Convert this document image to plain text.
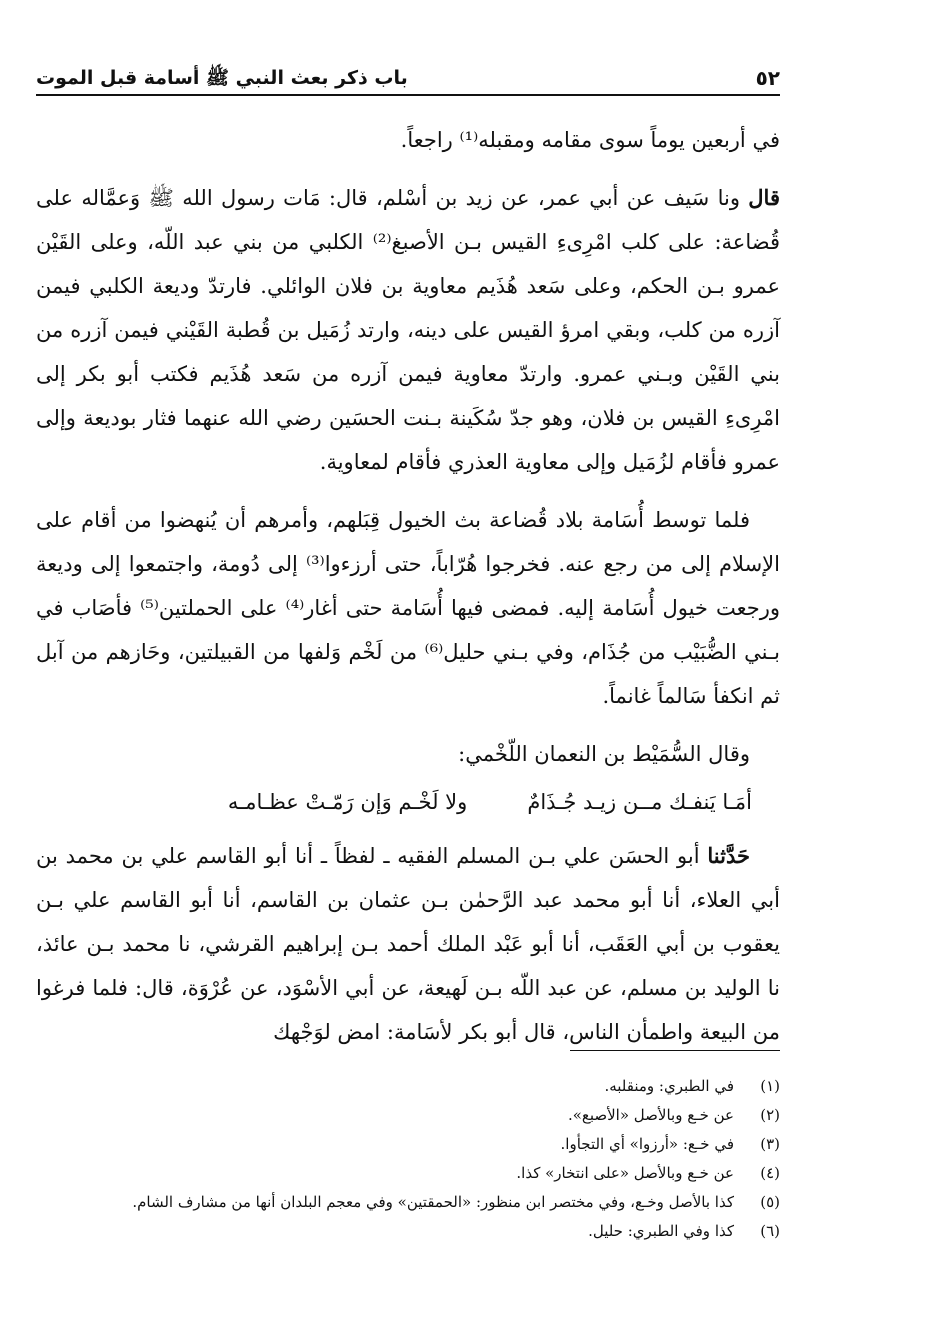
٥٢
باب ذكر بعث النبي ﷺ أسامة قبل الموت

في أربعين يوماً سوى مقامه ومقبله⁽¹⁾ راجعاً.

قال ونا سَيف عن أبي عمر، عن زيد بن أسْلم، قال: مَات رسول الله ﷺ وَعمَّاله على قُضاعة: على كلب امْرِىءِ القيس بـن الأصبغ⁽²⁾ الكلبي من بني عبد اللّه، وعلى القَيْن عمرو بـن الحكم، وعلى سَعد هُذَيم معاوية بن فلان الوائلي. فارتدّ وديعة الكلبي فيمن آزره من كلب، وبقي امرؤ القيس على دينه، وارتد زُمَيل بن قُطبة القَيْني فيمن آزره من بني القَيْن وبـني عمرو. وارتدّ معاوية فيمن آزره من سَعد هُذَيم فكتب أبو بكر إلى امْرِىءِ القيس بن فلان، وهو جدّ سُكَينة بـنت الحسَين رضي الله عنهما فثار بوديعة وإلى عمرو فأقام لزُمَيل وإلى معاوية العذري فأقام لمعاوية.

فلما توسط أُسَامة بلاد قُضاعة بث الخيول قِبَلهم، وأمرهم أن يُنهضوا من أقام على الإسلام إلى من رجع عنه. فخرجوا هُرّاباً، حتى أرزءوا⁽³⁾ إلى دُومة، واجتمعوا إلى وديعة ورجعت خيول أُسَامة إليه. فمضى فيها أُسَامة حتى أغار⁽⁴⁾ على الحملتين⁽⁵⁾ فأصَاب في بـني الضُّبَيْب من جُذَام، وفي بـني حليل⁽⁶⁾ من لَخْم وَلفها من القبيلتين، وحَازهم من آبل ثم انكفأ سَالماً غانماً.

وقال السُّمَيْط بن النعمان اللّخْمي:

أمَـا يَنفـك مــن زيـد جُـذَامٌ
ولا لَخْـم وَإن رَمّـتْ عظـامـه

حَدَّثنا أبو الحسَن علي بـن المسلم الفقيه ـ لفظاً ـ أنا أبو القاسم علي بن محمد بن أبي العلاء، أنا أبو محمد عبد الرَّحمٰن بـن عثمان بن القاسم، أنا أبو القاسم علي بـن يعقوب بن أبي العَقَب، أنا أبو عَبْد الملك أحمد بـن إبراهيم القرشي، نا محمد بـن عائذ، نا الوليد بن مسلم، عن عبد اللّه بـن لَهيعة، عن أبي الأسْوَد، عن عُرْوَة، قال: فلما فرغوا من البيعة واطمأن الناس، قال أبو بكر لأسَامة: امض لوَجْهك

(١)
في الطبري: ومنقلبه.
(٢)
عن خـع وبالأصل «الأصبع».
(٣)
في خـع: «أرزوا» أي التجأوا.
(٤)
عن خـع وبالأصل «على انتخار» كذا.
(٥)
كذا بالأصل وخـع، وفي مختصر ابن منظور: «الحمقتين» وفي معجم البلدان أنها من مشارف الشام.
(٦)
كذا وفي الطبري: حليل.
